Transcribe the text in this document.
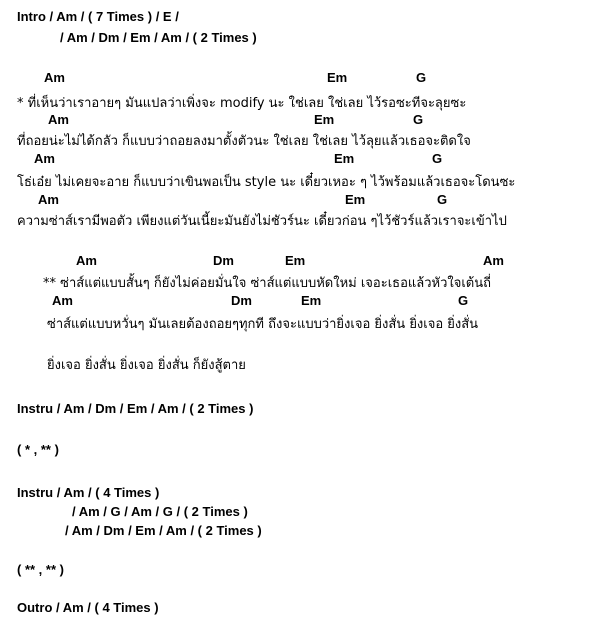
Intro / Am / ( 7 Times ) / E /
/ Am / Dm / Em / Am / ( 2 Times )
Am	Em	G
* ที่เห็นว่าเราอายๆ มันแปลว่าเพิ่งจะ modify นะ ใช่เลย ใช่เลย ไว้รอซะทีจะลุยซะ
Am	Em	G
ที่ถอยน่ะไม่ได้กลัว ก็แบบว่าถอยลงมาตั้งตัวนะ ใช่เลย ใช่เลย ไว้ลุยแล้วเธอจะติดใจ
Am	Em	G
โธ่เอ๋ย ไม่เคยจะอาย ก็แบบว่าเขินพอเป็น style นะ เดี๋ยวเหอะ ๆ ไว้พร้อมแล้วเธอจะโดนซะ
Am	Em	G
ความซ่าส์เรามีพอตัว เพียงแต่วันเนี้ยะมันยังไม่ชัวร์นะ เดี๋ยวก่อน ๆไว้ชัวร์แล้วเราจะเข้าไป
Am	Dm	Em	Am
** ซ่าส์แต่แบบสั้นๆ ก็ยังไม่ค่อยมั่นใจ ซ่าส์แต่แบบหัดใหม่ เจอะเธอแล้วหัวใจเต้นถี่
Am	Dm	Em	G
ซ่าส์แต่แบบหวั่นๆ มันเลยต้องถอยๆทุกที ถึงจะแบบว่ายิ่งเจอ ยิ่งสั่น ยิ่งเจอ ยิ่งสั่น
ยิ่งเจอ ยิ่งสั่น ยิ่งเจอ ยิ่งสั่น ก็ยังสู้ตาย
Instru / Am / Dm / Em / Am / ( 2 Times )
( * , ** )
Instru / Am / ( 4 Times )
/ Am / G / Am / G / ( 2 Times )
/ Am / Dm / Em / Am / ( 2 Times )
( ** , ** )
Outro / Am / ( 4 Times )
